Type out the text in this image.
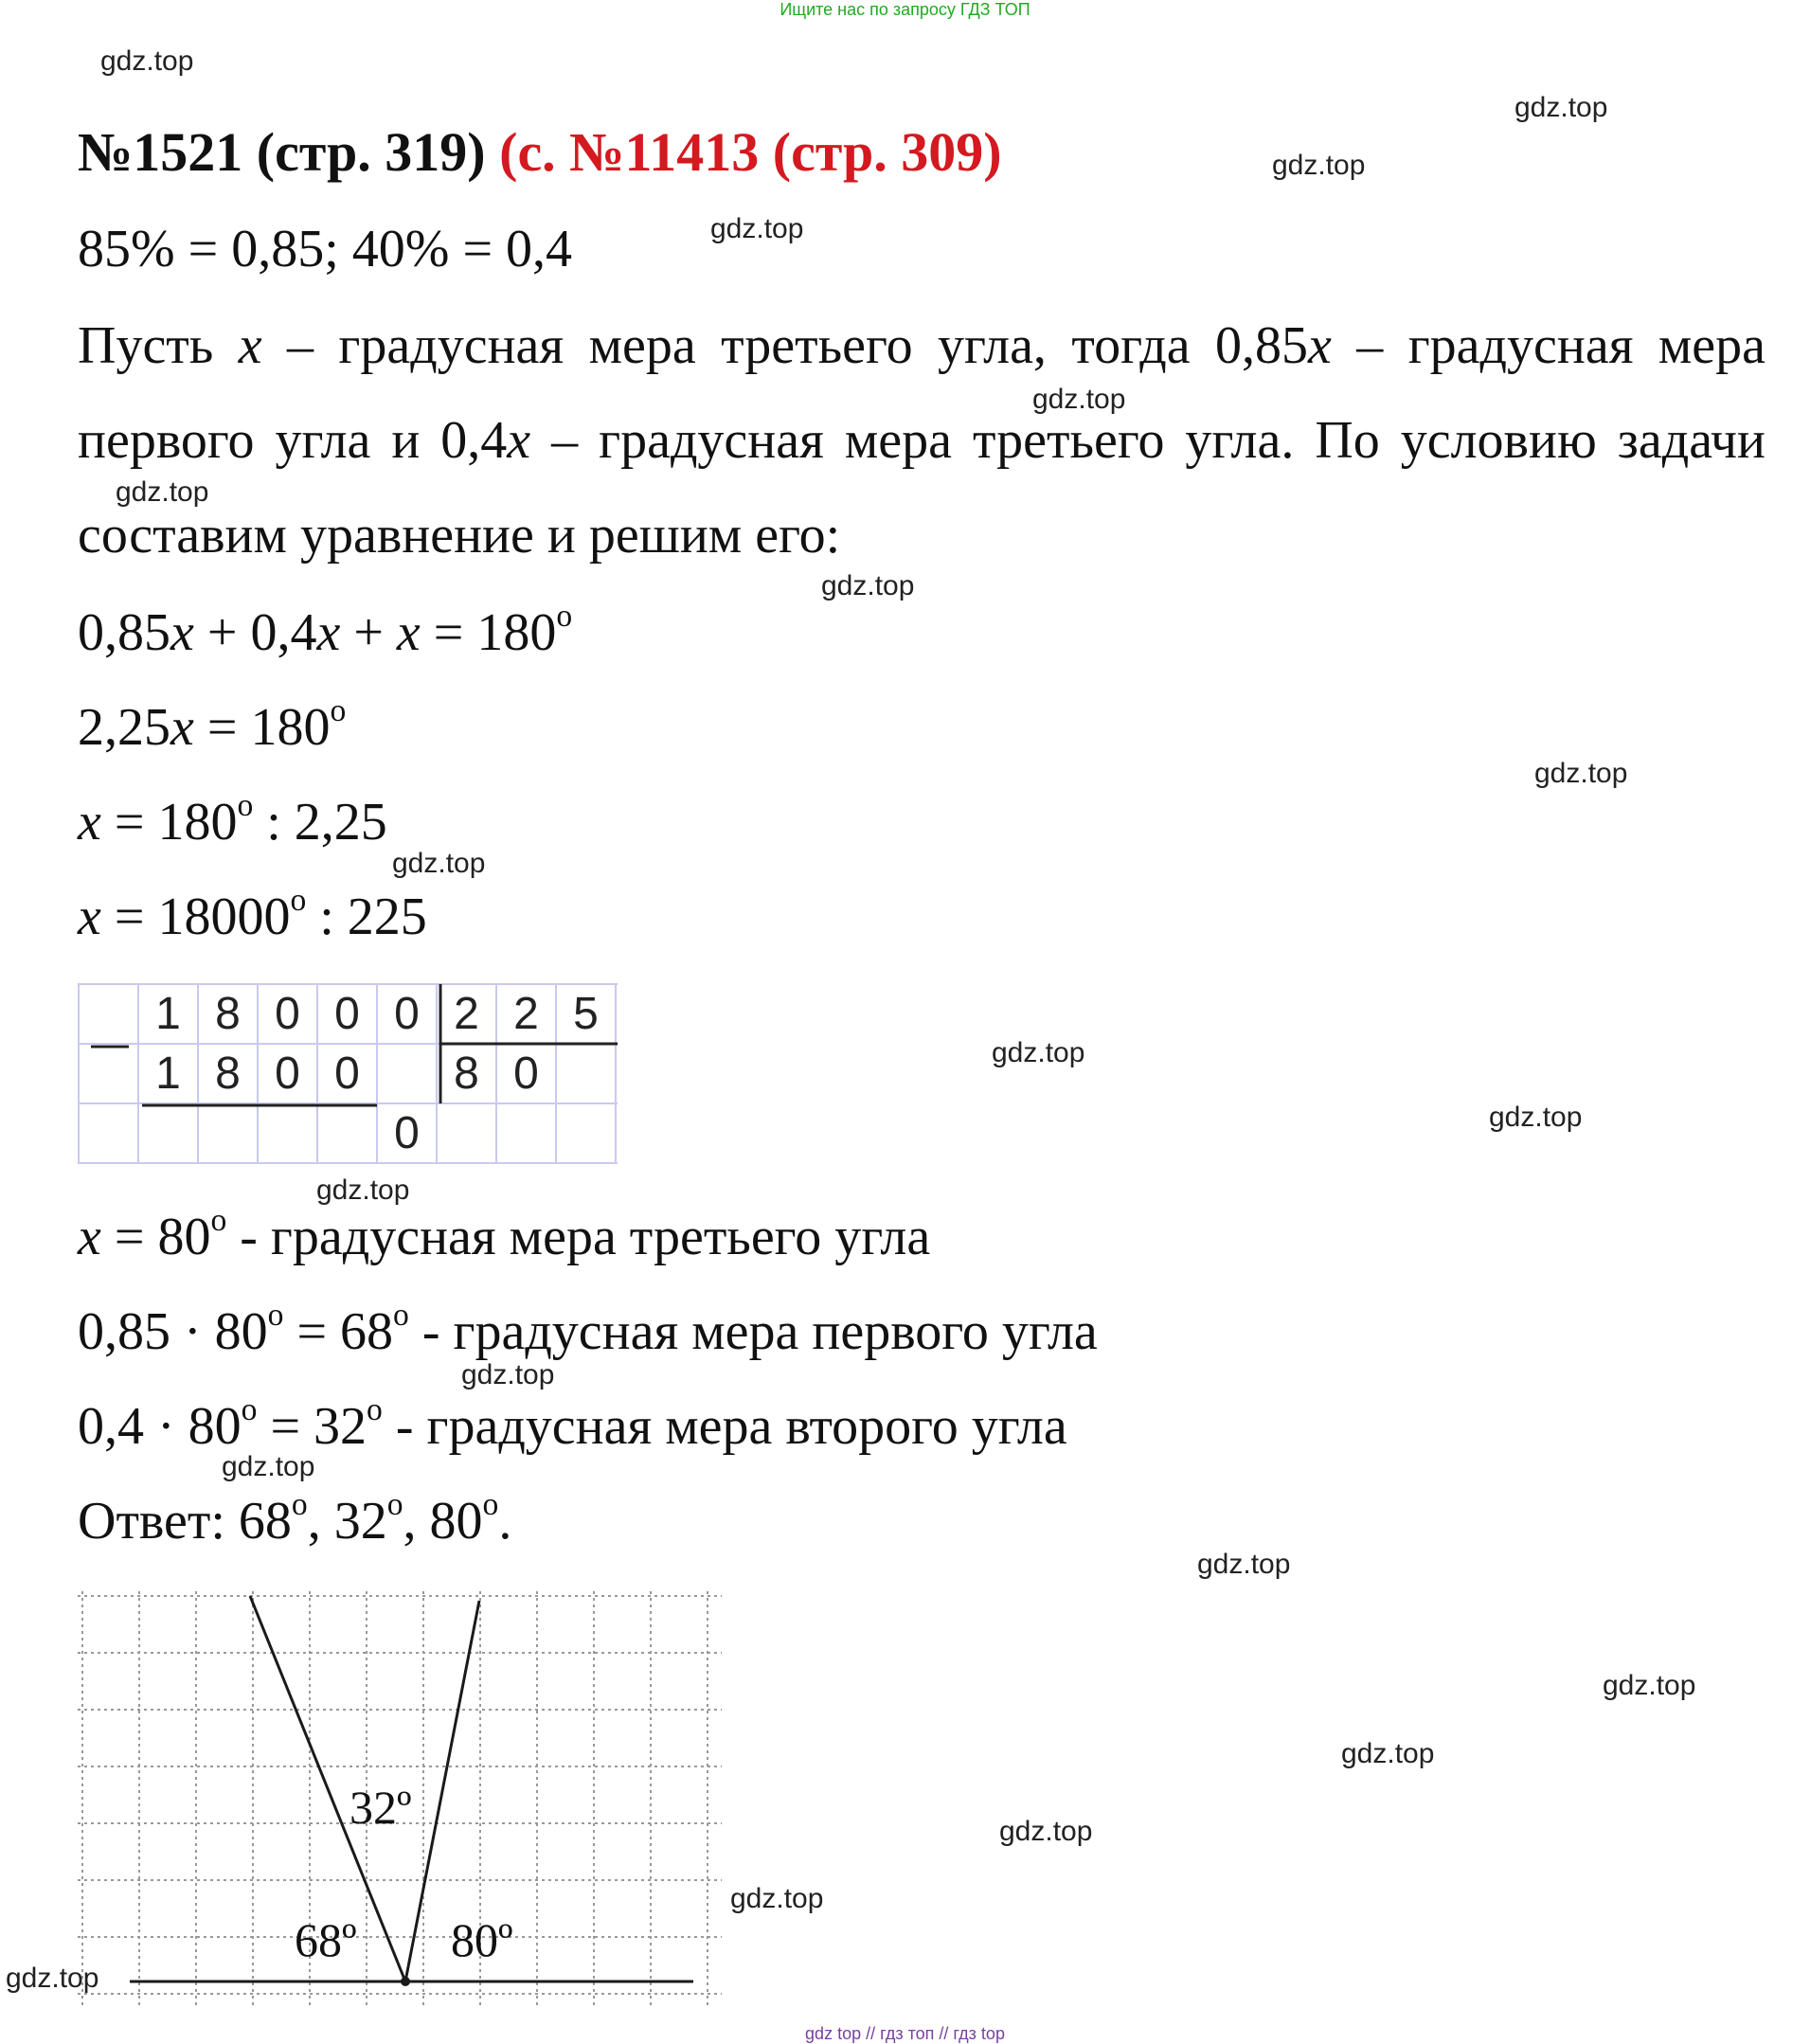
Ищите нас по запросу ГДЗ ТОП
№1521 (стр. 319) (с. №11413 (стр. 309)
85% = 0,85; 40% = 0,4
Пусть x – градусная мера третьего угла, тогда 0,85x – градусная мера первого угла и 0,4x – градусная мера третьего угла. По условию задачи составим уравнение и решим его:
$0,85x + 0,4x + x = 180^о$
$2,25x = 180^о$
$x = 180^о$ : 2,25
$x = 18000^о$ : 225
1 8 0 0 0 2 2 5
1 8 0 0	8 0
0
$x = 80^о$ - градусная мера третьего угла
$0,85 \cdot 80^о = 68^о$ - градусная мера первого угла
$0,4 \cdot 80^о = 32^о$ - градусная мера второго угла
Ответ: $68^о$, $32^о$, $80^о$.
32º
68º 80º
gdz.top
gdz.top
gdz.top
gdz.top
gdz.top
gdz.top
gdz.top
gdz.top
gdz.top
gdz.top
gdz.top
gdz.top
gdz.top
gdz.top
gdz.top
gdz.top
gdz.top
gdz.top
gdz.top
gdz.top
gdz top // гдз топ // гдз top
